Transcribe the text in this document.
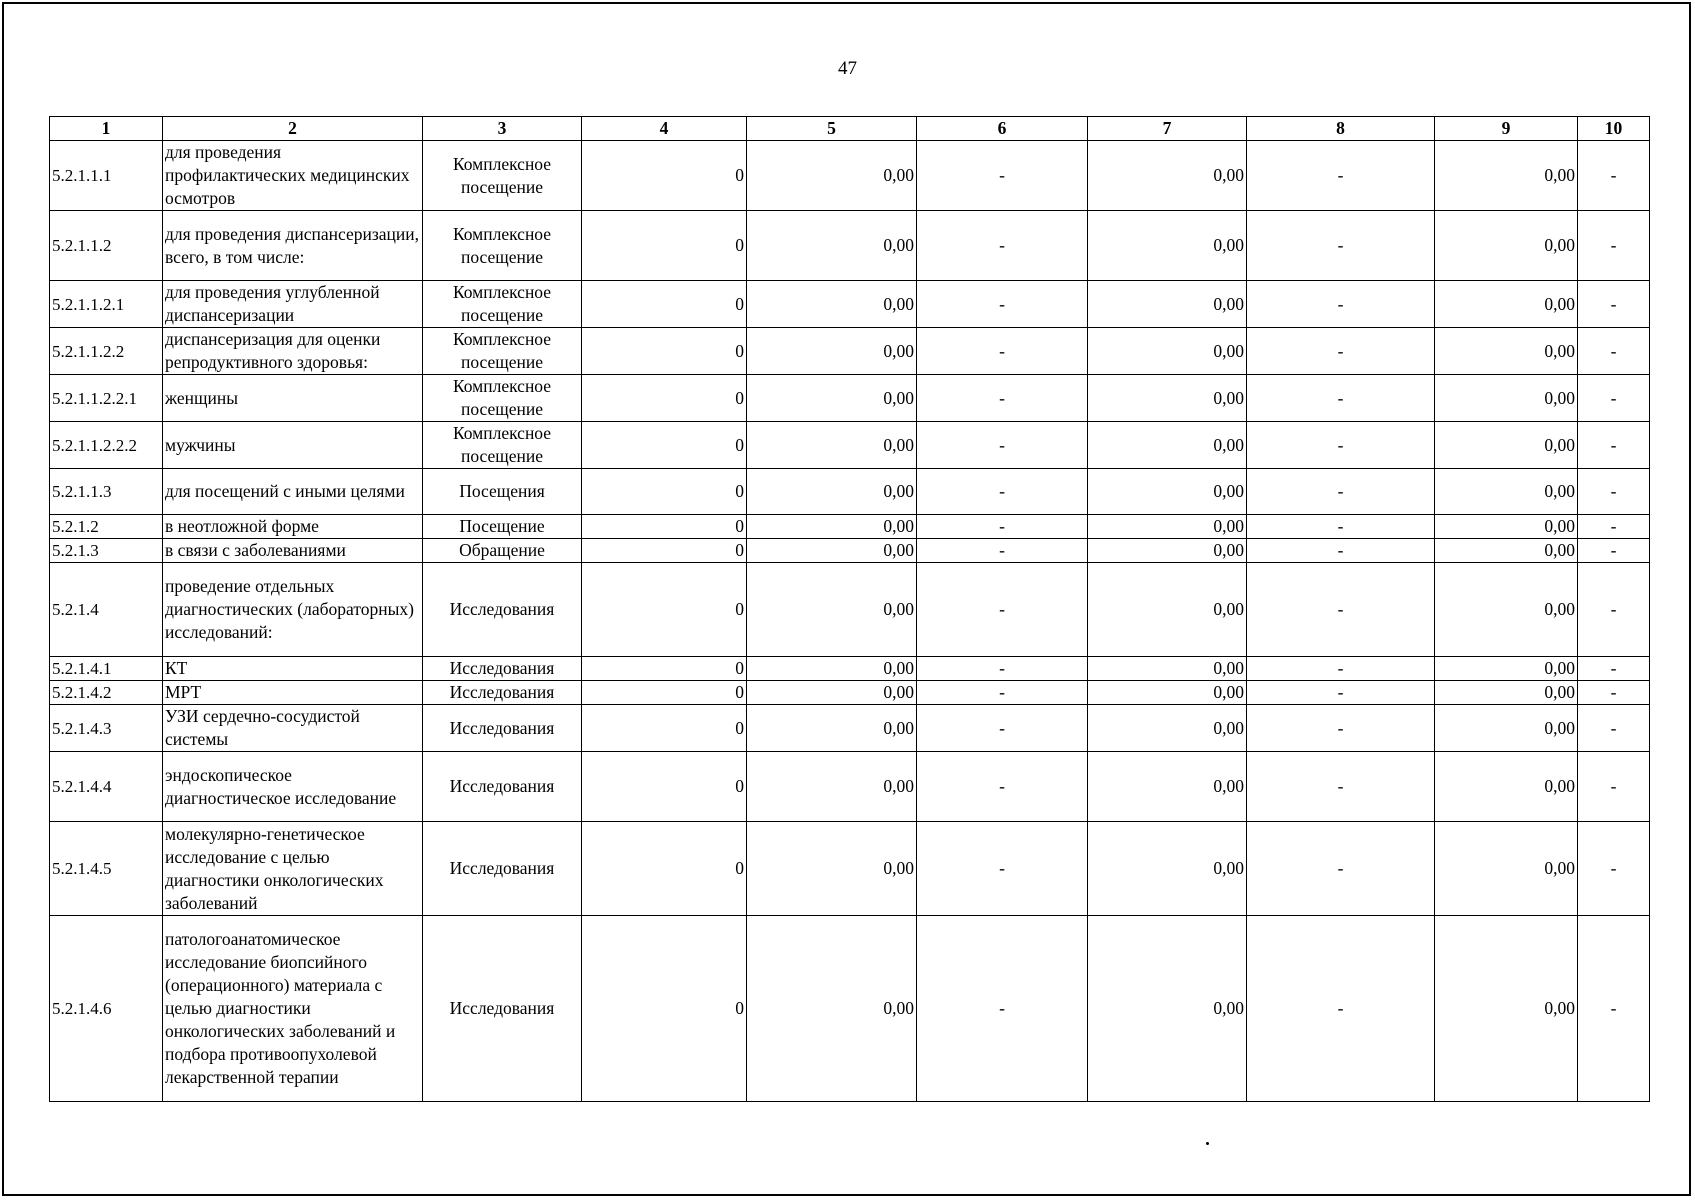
47
1	2	3	4	5	6	7	8	9	10
5.2.1.1.1	для проведения профилактических медицинских осмотров	Комплексное посещение	0	0,00	-	0,00	-	0,00	-
5.2.1.1.2	для проведения диспансеризации, всего, в том числе:	Комплексное посещение	0	0,00	-	0,00	-	0,00	-
5.2.1.1.2.1	для проведения углубленной диспансеризации	Комплексное посещение	0	0,00	-	0,00	-	0,00	-
5.2.1.1.2.2	диспансеризация для оценки репродуктивного здоровья:	Комплексное посещение	0	0,00	-	0,00	-	0,00	-
5.2.1.1.2.2.1	женщины	Комплексное посещение	0	0,00	-	0,00	-	0,00	-
5.2.1.1.2.2.2	мужчины	Комплексное посещение	0	0,00	-	0,00	-	0,00	-
5.2.1.1.3	для посещений с иными целями	Посещения	0	0,00	-	0,00	-	0,00	-
5.2.1.2	в неотложной форме	Посещение	0	0,00	-	0,00	-	0,00	-
5.2.1.3	в связи с заболеваниями	Обращение	0	0,00	-	0,00	-	0,00	-
5.2.1.4	проведение отдельных диагностических (лабораторных) исследований:	Исследования	0	0,00	-	0,00	-	0,00	-
5.2.1.4.1	КТ	Исследования	0	0,00	-	0,00	-	0,00	-
5.2.1.4.2	МРТ	Исследования	0	0,00	-	0,00	-	0,00	-
5.2.1.4.3	УЗИ сердечно-сосудистой системы	Исследования	0	0,00	-	0,00	-	0,00	-
5.2.1.4.4	эндоскопическое диагностическое исследование	Исследования	0	0,00	-	0,00	-	0,00	-
5.2.1.4.5	молекулярно-генетическое исследование с целью диагностики онкологических заболеваний	Исследования	0	0,00	-	0,00	-	0,00	-
5.2.1.4.6	патологоанатомическое исследование биопсийного (операционного) материала с целью диагностики онкологических заболеваний и подбора противоопухолевой лекарственной терапии	Исследования	0	0,00	-	0,00	-	0,00	-
